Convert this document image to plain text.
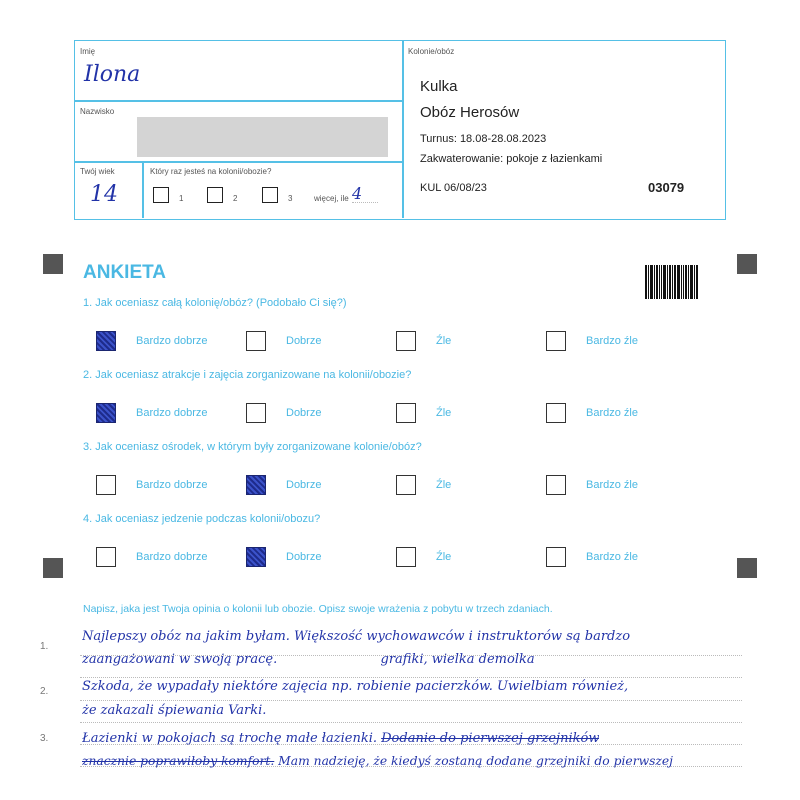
Imię
Ilona
Nazwisko
Twój wiek
14
Który raz jesteś na kolonii/obozie?
1	2	3	więcej, ile 4
Kolonie/obóz
Kulka
Obóz Herosów
Turnus: 18.08-28.08.2023
Zakwaterowanie: pokoje z łazienkami
KUL 06/08/23	03079
ANKIETA
1. Jak oceniasz całą kolonię/obóz? (Podobało Ci się?)
Bardzo dobrze	Dobrze	Źle	Bardzo źle
2. Jak oceniasz atrakcje i zajęcia zorganizowane na kolonii/obozie?
Bardzo dobrze	Dobrze	Źle	Bardzo źle
3. Jak oceniasz ośrodek, w którym były zorganizowane kolonie/obóz?
Bardzo dobrze	Dobrze	Źle	Bardzo źle
4. Jak oceniasz jedzenie podczas kolonii/obozu?
Bardzo dobrze	Dobrze	Źle	Bardzo źle
Napisz, jaka jest Twoja opinia o kolonii lub obozie. Opisz swoje wrażenia z pobytu w trzech zdaniach.
1.
2.
3.
Najlepszy obóz na jakim byłam. Większość wychowawców i instruktorów są bardzo
zaangażowani w swoją pracę.                         grafiki, wielka demolka
Szkoda, że wypadały niektóre zajęcia np. robienie pacierzków. Uwielbiam również,
że zakazali śpiewania Varki.
Łazienki w pokojach są trochę małe łazienki. Dodanie do pierwszej grzejników
znacznie poprawiłoby komfort. Mam nadzieję, że kiedyś zostaną dodane grzejniki do pierwszej
